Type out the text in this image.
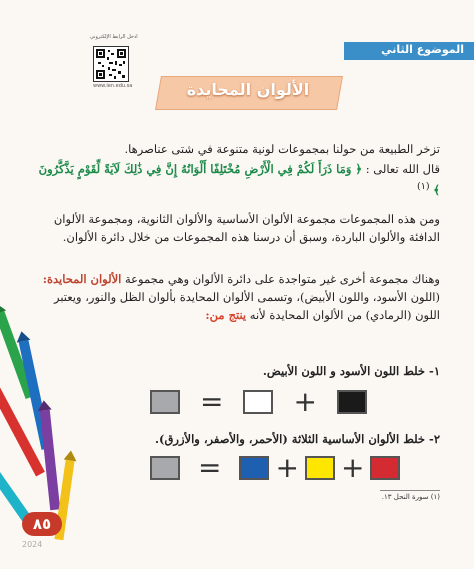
الموضوع الثاني
ادخل الرابط الإلكتروني
www.ien.edu.sa	الألوان المحايدة
تزخر الطبيعة من حولنا بمجموعات لونية متنوعة في شتى عناصرها.
قال الله تعالى : ﴿ وَمَا ذَرَأَ لَكُمْ فِي الْأَرْضِ مُخْتَلِفًا أَلْوَانُهُ إِنَّ فِي ذَٰلِكَ لَآيَةً لِّقَوْمٍ يَذَّكَّرُونَ ﴾ $^{(١)}$
ومن هذه المجموعات مجموعة الألوان الأساسية والألوان الثانوية، ومجموعة الألوان الدافئة والألوان الباردة، وسبق أن درسنا هذه المجموعات من خلال دائرة الألوان.
وهناك مجموعة أخرى غير متواجدة على دائرة الألوان وهي مجموعة الألوان المحايدة: (اللون الأسود، واللون الأبيض)، وتسمى الألوان المحايدة بألوان الظل والنور، ويعتبر اللون (الرمادي) من الألوان المحايدة لأنه ينتج من:
١- خلط اللون الأسود و اللون الأبيض.
=	+
٢- خلط الألوان الأساسية الثلاثة (الأحمر، والأصفر، والأزرق).
= + +
(١) سورة النحل ١٣.
٨٥
2024
